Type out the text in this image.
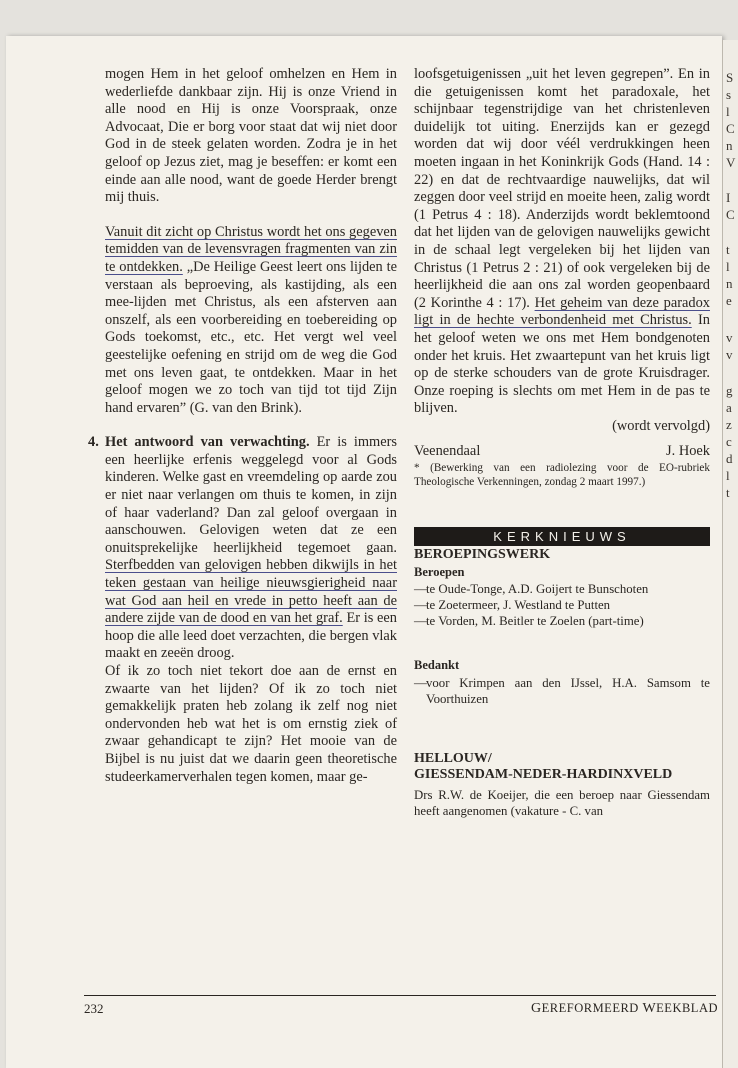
S
s
l
C
n
V
I
C
t
l
n
e
v
v
g
a
z
c
d
l
t

mogen Hem in het geloof omhelzen en Hem in wederliefde dankbaar zijn. Hij is onze Vriend in alle nood en Hij is onze Voorspraak, onze Advocaat, Die er borg voor staat dat wij niet door God in de steek gelaten worden. Zodra je in het geloof op Jezus ziet, mag je beseffen: er komt een einde aan alle nood, want de goede Herder brengt mij thuis.

Vanuit dit zicht op Christus wordt het ons gegeven temidden van de levensvragen fragmenten van zin te ontdekken. „De Heilige Geest leert ons lijden te verstaan als beproeving, als kastijding, als een mee-lijden met Christus, als een afsterven aan onszelf, als een voorbereiding en toebereiding op Gods toekomst, etc., etc. Het vergt wel veel geestelijke oefening en strijd om de weg die God met ons leven gaat, te ontdekken. Maar in het geloof mogen we zo toch van tijd tot tijd Zijn hand ervaren” (G. van den Brink).

4. Het antwoord van verwachting. Er is immers een heerlijke erfenis weggelegd voor al Gods kinderen. Welke gast en vreemdeling op aarde zou er niet naar verlangen om thuis te komen, in zijn of haar vaderland? Dan zal geloof overgaan in aanschouwen. Gelovigen weten dat ze een onuitsprekelijke heerlijkheid tegemoet gaan. Sterfbedden van gelovigen hebben dikwijls in het teken gestaan van heilige nieuwsgierigheid naar wat God aan heil en vrede in petto heeft aan de andere zijde van de dood en van het graf. Er is een hoop die alle leed doet verzachten, die bergen vlak maakt en zeeën droog.

Of ik zo toch niet tekort doe aan de ernst en zwaarte van het lijden? Of ik zo toch niet gemakkelijk praten heb zolang ik zelf nog niet ondervonden heb wat het is om ernstig ziek of zwaar gehandicapt te zijn? Het mooie van de Bijbel is nu juist dat we daarin geen theoretische studeerkamerverhalen tegen komen, maar ge-

loofsgetuigenissen „uit het leven gegrepen”. En in die getuigenissen komt het paradoxale, het schijnbaar tegenstrijdige van het christenleven duidelijk tot uiting. Enerzijds kan er gezegd worden dat wij door véél verdrukkingen heen moeten ingaan in het Koninkrijk Gods (Hand. 14 : 22) en dat de rechtvaardige nauwelijks, dat wil zeggen door veel strijd en moeite heen, zalig wordt (1 Petrus 4 : 18). Anderzijds wordt beklemtoond dat het lijden van de gelovigen nauwelijks gewicht in de schaal legt vergeleken bij het lijden van Christus (1 Petrus 2 : 21) of ook vergeleken bij de heerlijkheid die aan ons zal worden geopenbaard (2 Korinthe 4 : 17). Het geheim van deze paradox ligt in de hechte verbondenheid met Christus. In het geloof weten we ons met Hem bondgenoten onder het kruis. Het zwaartepunt van het kruis ligt op de sterke schouders van de grote Kruisdrager. Onze roeping is slechts om met Hem in de pas te blijven.

(wordt vervolgd)

Veenendaal	J. Hoek

* (Bewerking van een radiolezing voor de EO-rubriek Theologische Verkenningen, zondag 2 maart 1997.)

KERKNIEUWS

BEROEPINGSWERK

Beroepen

—te Oude-Tonge, A.D. Goijert te Bunschoten

—te Zoetermeer, J. Westland te Putten

—te Vorden, M. Beitler te Zoelen (part-time)

Bedankt

—voor Krimpen aan den IJssel, H.A. Samsom te Voorthuizen

HELLOUW/
GIESSENDAM-NEDER-HARDINXVELD

Drs R.W. de Koeijer, die een beroep naar Giessendam heeft aangenomen (vakature - C. van

232	GEREFORMEERD WEEKBLAD
